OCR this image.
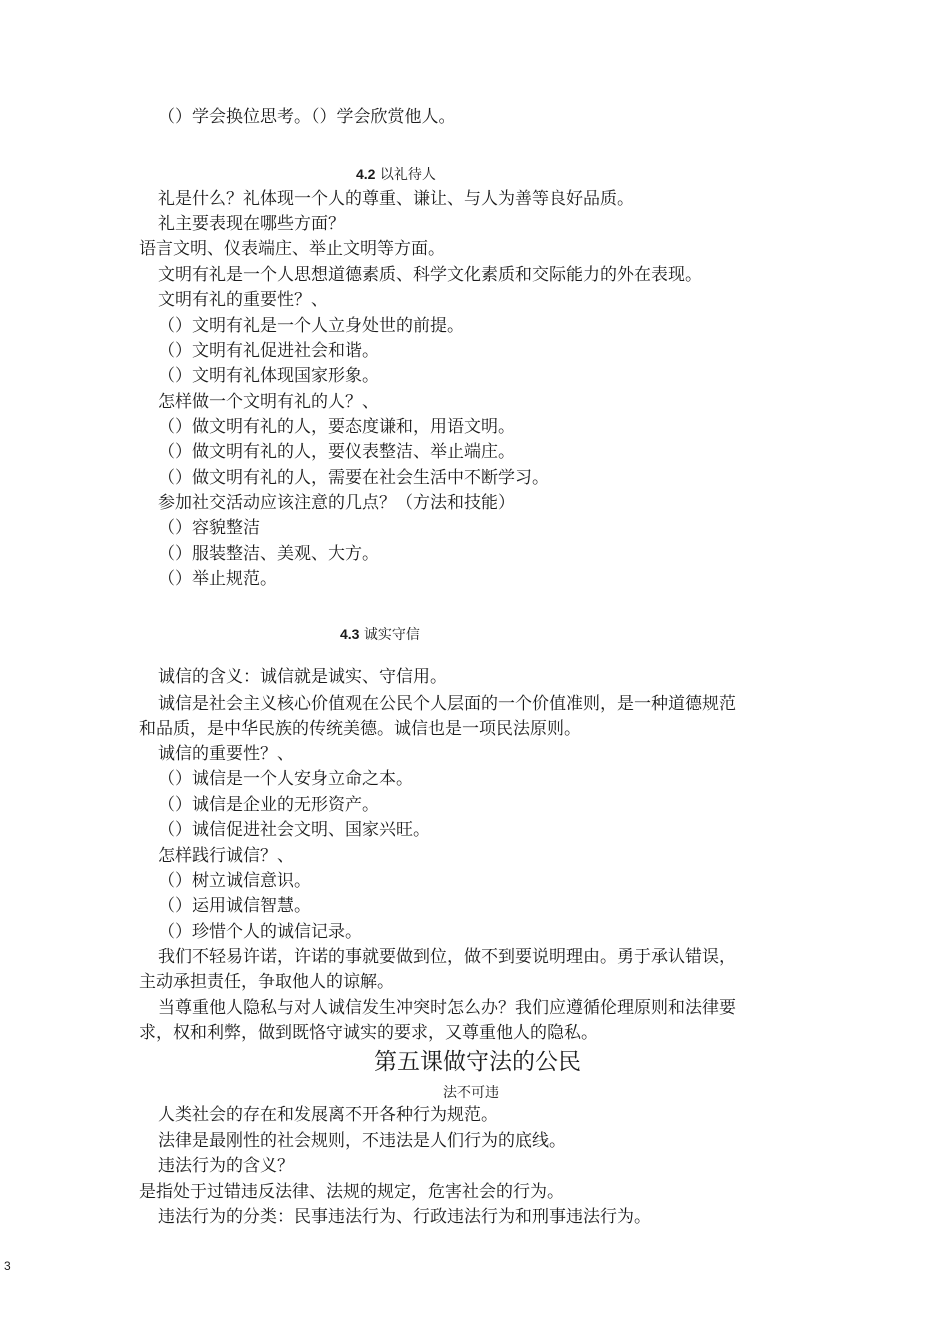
（）学会换位思考。（）学会欣赏他人。
4.2 以礼待人
礼是什么？礼体现一个人的尊重、谦让、与人为善等良好品质。
礼主要表现在哪些方面？
语言文明、仪表端庄、举止文明等方面。
文明有礼是一个人思想道德素质、科学文化素质和交际能力的外在表现。
文明有礼的重要性？、
（）文明有礼是一个人立身处世的前提。
（）文明有礼促进社会和谐。
（）文明有礼体现国家形象。
怎样做一个文明有礼的人？、
（）做文明有礼的人，要态度谦和，用语文明。
（）做文明有礼的人，要仪表整洁、举止端庄。
（）做文明有礼的人，需要在社会生活中不断学习。
参加社交活动应该注意的几点？（方法和技能）
（）容貌整洁
（）服装整洁、美观、大方。
（）举止规范。
4.3 诚实守信
诚信的含义：诚信就是诚实、守信用。
诚信是社会主义核心价值观在公民个人层面的一个价值准则，是一种道德规范
和品质，是中华民族的传统美德。诚信也是一项民法原则。
诚信的重要性？、
（）诚信是一个人安身立命之本。
（）诚信是企业的无形资产。
（）诚信促进社会文明、国家兴旺。
怎样践行诚信？、
（）树立诚信意识。
（）运用诚信智慧。
（）珍惜个人的诚信记录。
我们不轻易许诺，许诺的事就要做到位，做不到要说明理由。勇于承认错误，
主动承担责任，争取他人的谅解。
当尊重他人隐私与对人诚信发生冲突时怎么办？我们应遵循伦理原则和法律要
求，权和利弊，做到既恪守诚实的要求，又尊重他人的隐私。
第五课做守法的公民
法不可违
人类社会的存在和发展离不开各种行为规范。
法律是最刚性的社会规则，不违法是人们行为的底线。
违法行为的含义？
是指处于过错违反法律、法规的规定，危害社会的行为。
违法行为的分类：民事违法行为、行政违法行为和刑事违法行为。
3
